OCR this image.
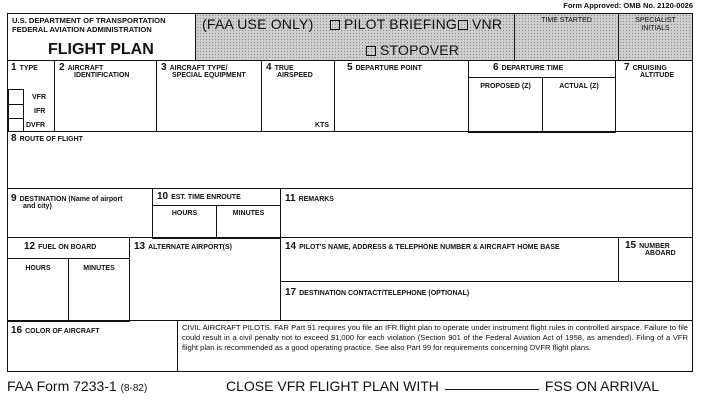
Form Approved: OMB No. 2120-0026
U.S. DEPARTMENT OF TRANSPORTATION
FEDERAL AVIATION ADMINISTRATION
FLIGHT PLAN
(FAA USE ONLY)	PILOT BRIEFING	VNR
STOPOVER
TIME STARTED	SPECIALIST
INITIALS
1 TYPE
VFR
IFR
DVFR
2 AIRCRAFT
IDENTIFICATION
3 AIRCRAFT TYPE/
SPECIAL EQUIPMENT
4 TRUE
AIRSPEED
KTS
5 DEPARTURE POINT	6 DEPARTURE TIME
PROPOSED (Z)	ACTUAL (Z)
7 CRUISING
ALTITUDE
8 ROUTE OF FLIGHT
9 DESTINATION (Name of airport
and city)
10 EST. TIME ENROUTE
HOURS	MINUTES
11 REMARKS
12 FUEL ON BOARD
HOURS	MINUTES
13 ALTERNATE AIRPORT(S)	14 PILOT'S NAME, ADDRESS & TELEPHONE NUMBER & AIRCRAFT HOME BASE	15 NUMBER
ABOARD
17 DESTINATION CONTACT/TELEPHONE (OPTIONAL)
16 COLOR OF AIRCRAFT	CIVIL AIRCRAFT PILOTS. FAR Part 91 requires you file an IFR flight plan to operate under instrument flight rules in controlled airspace. Failure to file could result in a civil penalty not to exceed $1,000 for each violation (Section 901 of the Federal Aviation Act of 1958, as amended). Filing of a VFR flight plan is recommended as a good operating practice. See also Part 99 for requirements concerning DVFR flight plans.
FAA Form 7233-1 (8-82)	CLOSE VFR FLIGHT PLAN WITH	FSS ON ARRIVAL
